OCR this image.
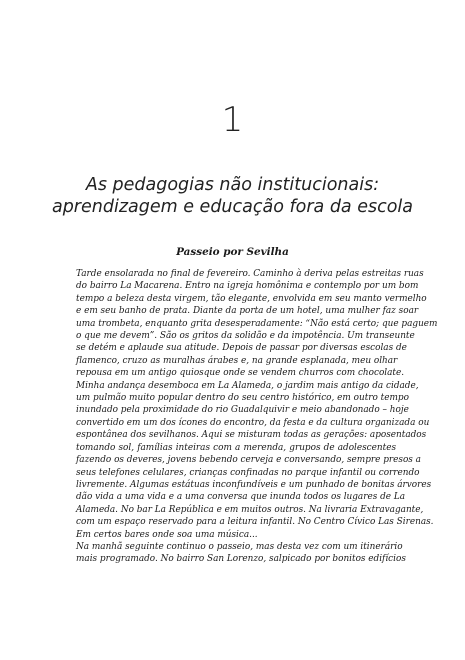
1
As pedagogias não institucionais:
aprendizagem e educação fora da escola
Passeio por Sevilha
Tarde ensolarada no final de fevereiro. Caminho à deriva pelas estreitas ruas
do bairro La Macarena. Entro na igreja homônima e contemplo por um bom
tempo a beleza desta virgem, tão elegante, envolvida em seu manto vermelho
e em seu banho de prata. Diante da porta de um hotel, uma mulher faz soar
uma trombeta, enquanto grita desesperadamente: “Não está certo; que paguem
o que me devem”. São os gritos da solidão e da impotência. Um transeunte
se detém e aplaude sua atitude. Depois de passar por diversas escolas de
flamenco, cruzo as muralhas árabes e, na grande esplanada, meu olhar
repousa em um antigo quiosque onde se vendem churros com chocolate.
Minha andança desemboca em La Alameda, o jardim mais antigo da cidade,
um pulmão muito popular dentro do seu centro histórico, em outro tempo
inundado pela proximidade do rio Guadalquivir e meio abandonado – hoje
convertido em um dos ícones do encontro, da festa e da cultura organizada ou
espontânea dos sevilhanos. Aqui se misturam todas as gerações: aposentados
tomando sol, famílias inteiras com a merenda, grupos de adolescentes
fazendo os deveres, jovens bebendo cerveja e conversando, sempre presos a
seus telefones celulares, crianças confinadas no parque infantil ou correndo
livremente. Algumas estátuas inconfundíveis e um punhado de bonitas árvores
dão vida a uma vida e a uma conversa que inunda todos os lugares de La
Alameda. No bar La República e em muitos outros. Na livraria Extravagante,
com um espaço reservado para a leitura infantil. No Centro Cívico Las Sirenas.
Em certos bares onde soa uma música...
Na manhã seguinte continuo o passeio, mas desta vez com um itinerário
mais programado. No bairro San Lorenzo, salpicado por bonitos edifícios
